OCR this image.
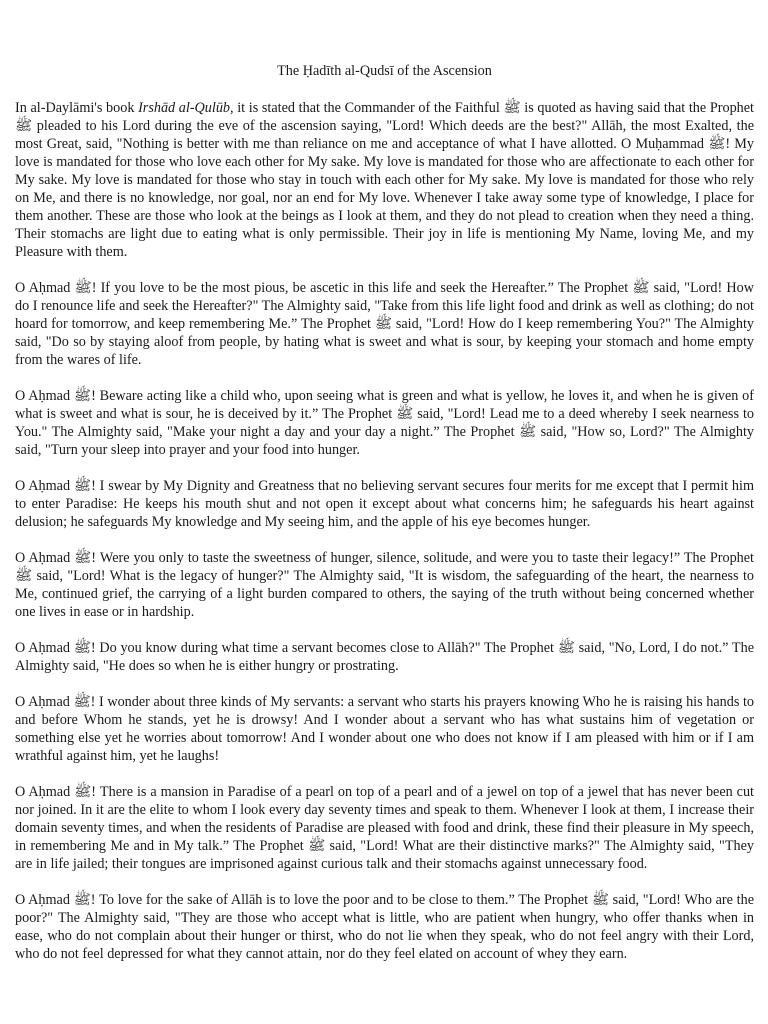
The Ḥadīth al-Qudsī of the Ascension

In al-Daylāmi's book Irshād al-Qulūb, it is stated that the Commander of the Faithful ﷺ is quoted as having said that the Prophet ﷺ pleaded to his Lord during the eve of the ascension saying, "Lord! Which deeds are the best?" Allāh, the most Exalted, the most Great, said, "Nothing is better with me than reliance on me and acceptance of what I have allotted. O Muḥammad ﷺ! My love is mandated for those who love each other for My sake. My love is mandated for those who are affectionate to each other for My sake. My love is mandated for those who stay in touch with each other for My sake. My love is mandated for those who rely on Me, and there is no knowledge, nor goal, nor an end for My love. Whenever I take away some type of knowledge, I place for them another. These are those who look at the beings as I look at them, and they do not plead to creation when they need a thing. Their stomachs are light due to eating what is only permissible. Their joy in life is mentioning My Name, loving Me, and my Pleasure with them.

O Aḥmad ﷺ! If you love to be the most pious, be ascetic in this life and seek the Hereafter.” The Prophet ﷺ said, "Lord! How do I renounce life and seek the Hereafter?" The Almighty said, "Take from this life light food and drink as well as clothing; do not hoard for tomorrow, and keep remembering Me.” The Prophet ﷺ said, "Lord! How do I keep remembering You?" The Almighty said, "Do so by staying aloof from people, by hating what is sweet and what is sour, by keeping your stomach and home empty from the wares of life.

O Aḥmad ﷺ! Beware acting like a child who, upon seeing what is green and what is yellow, he loves it, and when he is given of what is sweet and what is sour, he is deceived by it.” The Prophet ﷺ said, "Lord! Lead me to a deed whereby I seek nearness to You." The Almighty said, "Make your night a day and your day a night.” The Prophet ﷺ said, "How so, Lord?" The Almighty said, "Turn your sleep into prayer and your food into hunger.

O Aḥmad ﷺ! I swear by My Dignity and Greatness that no believing servant secures four merits for me except that I permit him to enter Paradise: He keeps his mouth shut and not open it except about what concerns him; he safeguards his heart against delusion; he safeguards My knowledge and My seeing him, and the apple of his eye becomes hunger.

O Aḥmad ﷺ! Were you only to taste the sweetness of hunger, silence, solitude, and were you to taste their legacy!” The Prophet ﷺ said, "Lord! What is the legacy of hunger?" The Almighty said, "It is wisdom, the safeguarding of the heart, the nearness to Me, continued grief, the carrying of a light burden compared to others, the saying of the truth without being concerned whether one lives in ease or in hardship.

O Aḥmad ﷺ! Do you know during what time a servant becomes close to Allāh?" The Prophet ﷺ said, "No, Lord, I do not.” The Almighty said, "He does so when he is either hungry or prostrating.

O Aḥmad ﷺ! I wonder about three kinds of My servants: a servant who starts his prayers knowing Who he is raising his hands to and before Whom he stands, yet he is drowsy! And I wonder about a servant who has what sustains him of vegetation or something else yet he worries about tomorrow! And I wonder about one who does not know if I am pleased with him or if I am wrathful against him, yet he laughs!

O Aḥmad ﷺ! There is a mansion in Paradise of a pearl on top of a pearl and of a jewel on top of a jewel that has never been cut nor joined. In it are the elite to whom I look every day seventy times and speak to them. Whenever I look at them, I increase their domain seventy times, and when the residents of Paradise are pleased with food and drink, these find their pleasure in My speech, in remembering Me and in My talk.” The Prophet ﷺ said, "Lord! What are their distinctive marks?" The Almighty said, "They are in life jailed; their tongues are imprisoned against curious talk and their stomachs against unnecessary food.

O Aḥmad ﷺ! To love for the sake of Allāh is to love the poor and to be close to them.” The Prophet ﷺ said, "Lord! Who are the poor?" The Almighty said, "They are those who accept what is little, who are patient when hungry, who offer thanks when in ease, who do not complain about their hunger or thirst, who do not lie when they speak, who do not feel angry with their Lord, who do not feel depressed for what they cannot attain, nor do they feel elated on account of whey they earn.
